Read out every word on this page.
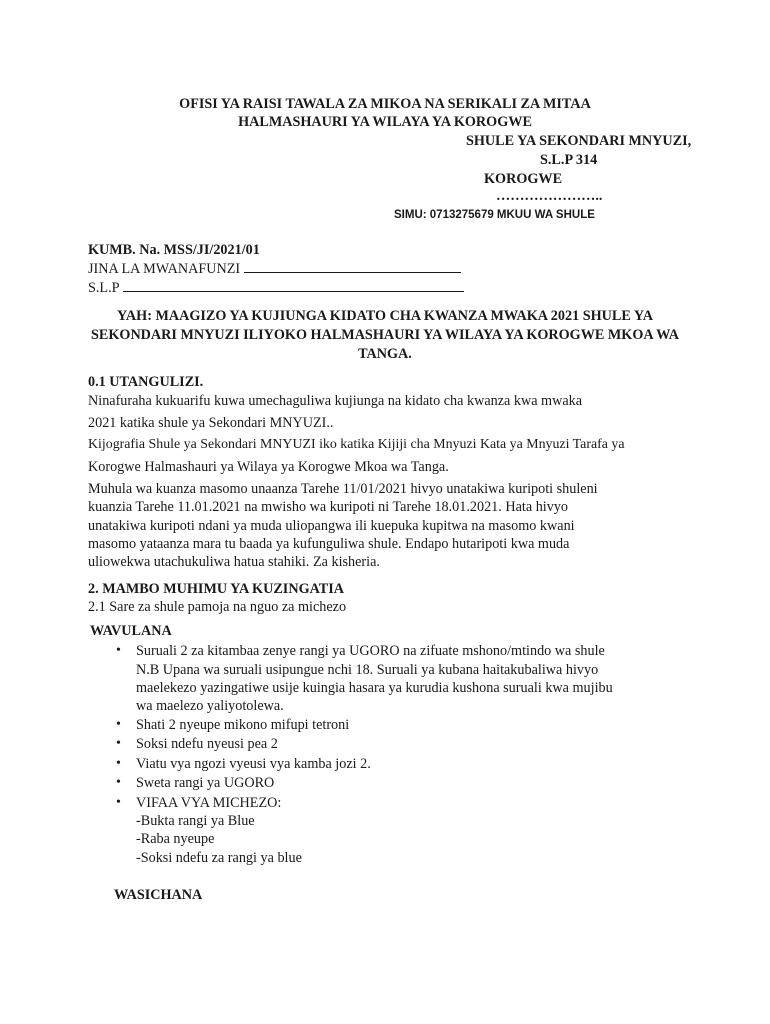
OFISI YA RAISI TAWALA ZA MIKOA NA SERIKALI ZA MITAA
HALMASHAURI YA WILAYA YA KOROGWE
SHULE YA SEKONDARI MNYUZI,
S.L.P 314
KOROGWE
…………………..
SIMU: 0713275679 MKUU WA SHULE
KUMB. Na. MSS/JI/2021/01
JINA LA MWANAFUNZI
S.L.P
YAH: MAAGIZO YA KUJIUNGA KIDATO CHA KWANZA MWAKA 2021 SHULE YA
SEKONDARI MNYUZI ILIYOKO HALMASHAURI YA WILAYA YA KOROGWE MKOA WA
TANGA.
0.1 UTANGULIZI.
Ninafuraha kukuarifu kuwa umechaguliwa kujiunga na kidato cha kwanza kwa mwaka
2021 katika shule ya Sekondari MNYUZI..
Kijografia Shule ya Sekondari MNYUZI iko katika Kijiji cha Mnyuzi Kata ya Mnyuzi Tarafa ya
Korogwe Halmashauri ya Wilaya ya Korogwe Mkoa wa Tanga.
Muhula wa kuanza masomo unaanza Tarehe 11/01/2021 hivyo unatakiwa kuripoti shuleni
kuanzia Tarehe 11.01.2021 na mwisho wa kuripoti ni Tarehe 18.01.2021. Hata hivyo
unatakiwa kuripoti ndani ya muda uliopangwa ili kuepuka kupitwa na masomo kwani
masomo yataanza mara tu baada ya kufunguliwa shule. Endapo hutaripoti kwa muda
uliowekwa utachukuliwa hatua stahiki. Za kisheria.
2. MAMBO MUHIMU YA KUZINGATIA
2.1 Sare za shule pamoja na nguo za michezo
WAVULANA
• Suruali 2 za kitambaa zenye rangi ya UGORO na zifuate mshono/mtindo wa shule
N.B Upana wa suruali usipungue nchi 18. Suruali ya kubana haitakubaliwa hivyo
maelekezo yazingatiwe usije kuingia hasara ya kurudia kushona suruali kwa mujibu
wa maelezo yaliyotolewa.
• Shati 2 nyeupe mikono mifupi tetroni
• Soksi ndefu nyeusi pea 2
• Viatu vya ngozi vyeusi vya kamba jozi 2.
• Sweta rangi ya UGORO
• VIFAA VYA MICHEZO:
-Bukta rangi ya Blue
-Raba nyeupe
-Soksi ndefu za rangi ya blue
WASICHANA
